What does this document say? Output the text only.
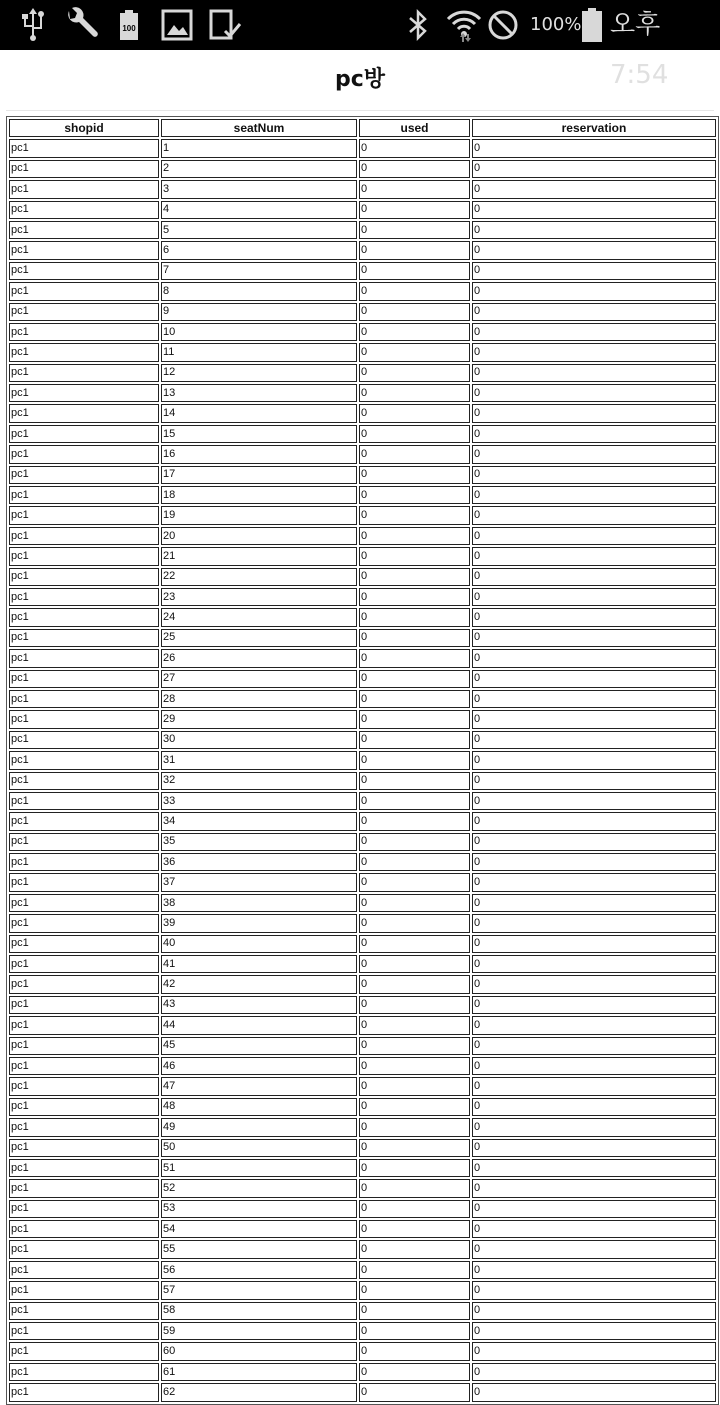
100	100% 오후 7:54
pc방
shopid	seatNum	used	reservation
pc1	1	0	0
pc1	2	0	0
pc1	3	0	0
pc1	4	0	0
pc1	5	0	0
pc1	6	0	0
pc1	7	0	0
pc1	8	0	0
pc1	9	0	0
pc1	10	0	0
pc1	11	0	0
pc1	12	0	0
pc1	13	0	0
pc1	14	0	0
pc1	15	0	0
pc1	16	0	0
pc1	17	0	0
pc1	18	0	0
pc1	19	0	0
pc1	20	0	0
pc1	21	0	0
pc1	22	0	0
pc1	23	0	0
pc1	24	0	0
pc1	25	0	0
pc1	26	0	0
pc1	27	0	0
pc1	28	0	0
pc1	29	0	0
pc1	30	0	0
pc1	31	0	0
pc1	32	0	0
pc1	33	0	0
pc1	34	0	0
pc1	35	0	0
pc1	36	0	0
pc1	37	0	0
pc1	38	0	0
pc1	39	0	0
pc1	40	0	0
pc1	41	0	0
pc1	42	0	0
pc1	43	0	0
pc1	44	0	0
pc1	45	0	0
pc1	46	0	0
pc1	47	0	0
pc1	48	0	0
pc1	49	0	0
pc1	50	0	0
pc1	51	0	0
pc1	52	0	0
pc1	53	0	0
pc1	54	0	0
pc1	55	0	0
pc1	56	0	0
pc1	57	0	0
pc1	58	0	0
pc1	59	0	0
pc1	60	0	0
pc1	61	0	0
pc1	62	0	0
